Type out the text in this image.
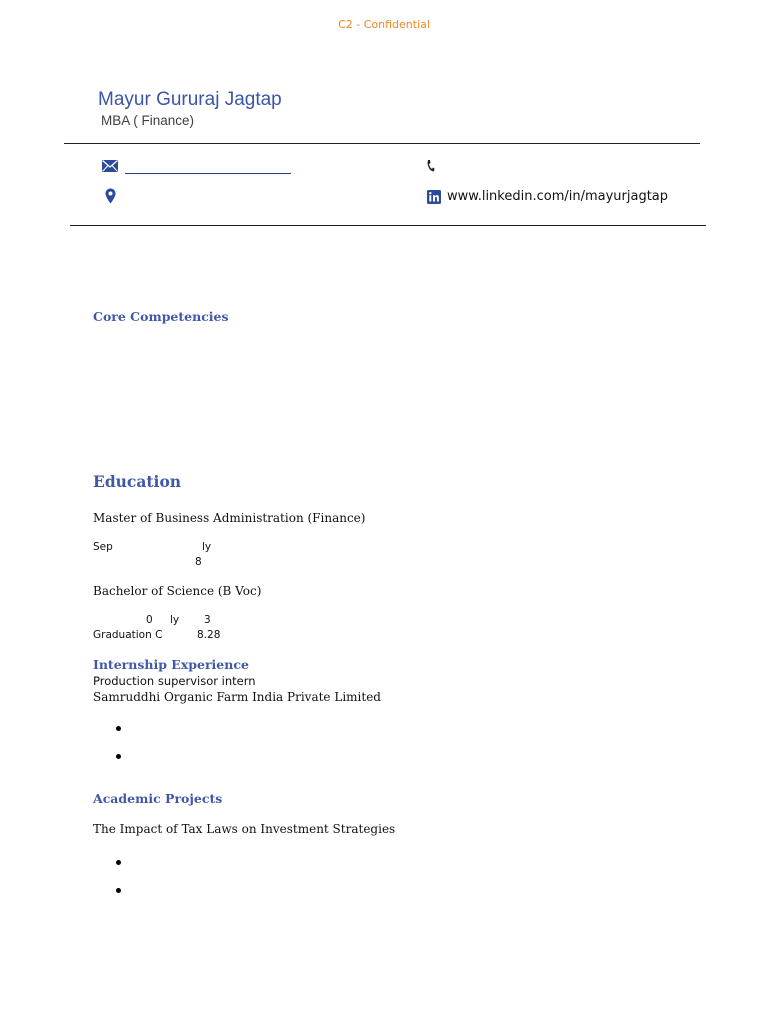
C2 - Confidential
Mayur Gururaj Jagtap
MBA ( Finance)
www.linkedin.com/in/mayurjagtap
Core Competencies
Education
Master of Business Administration (Finance)
Sep	ly
8
Bachelor of Science (B Voc)
0 ly 3
Graduation C	8.28
Internship Experience
Production supervisor intern
Samruddhi Organic Farm India Private Limited
Academic Projects
The Impact of Tax Laws on Investment Strategies
